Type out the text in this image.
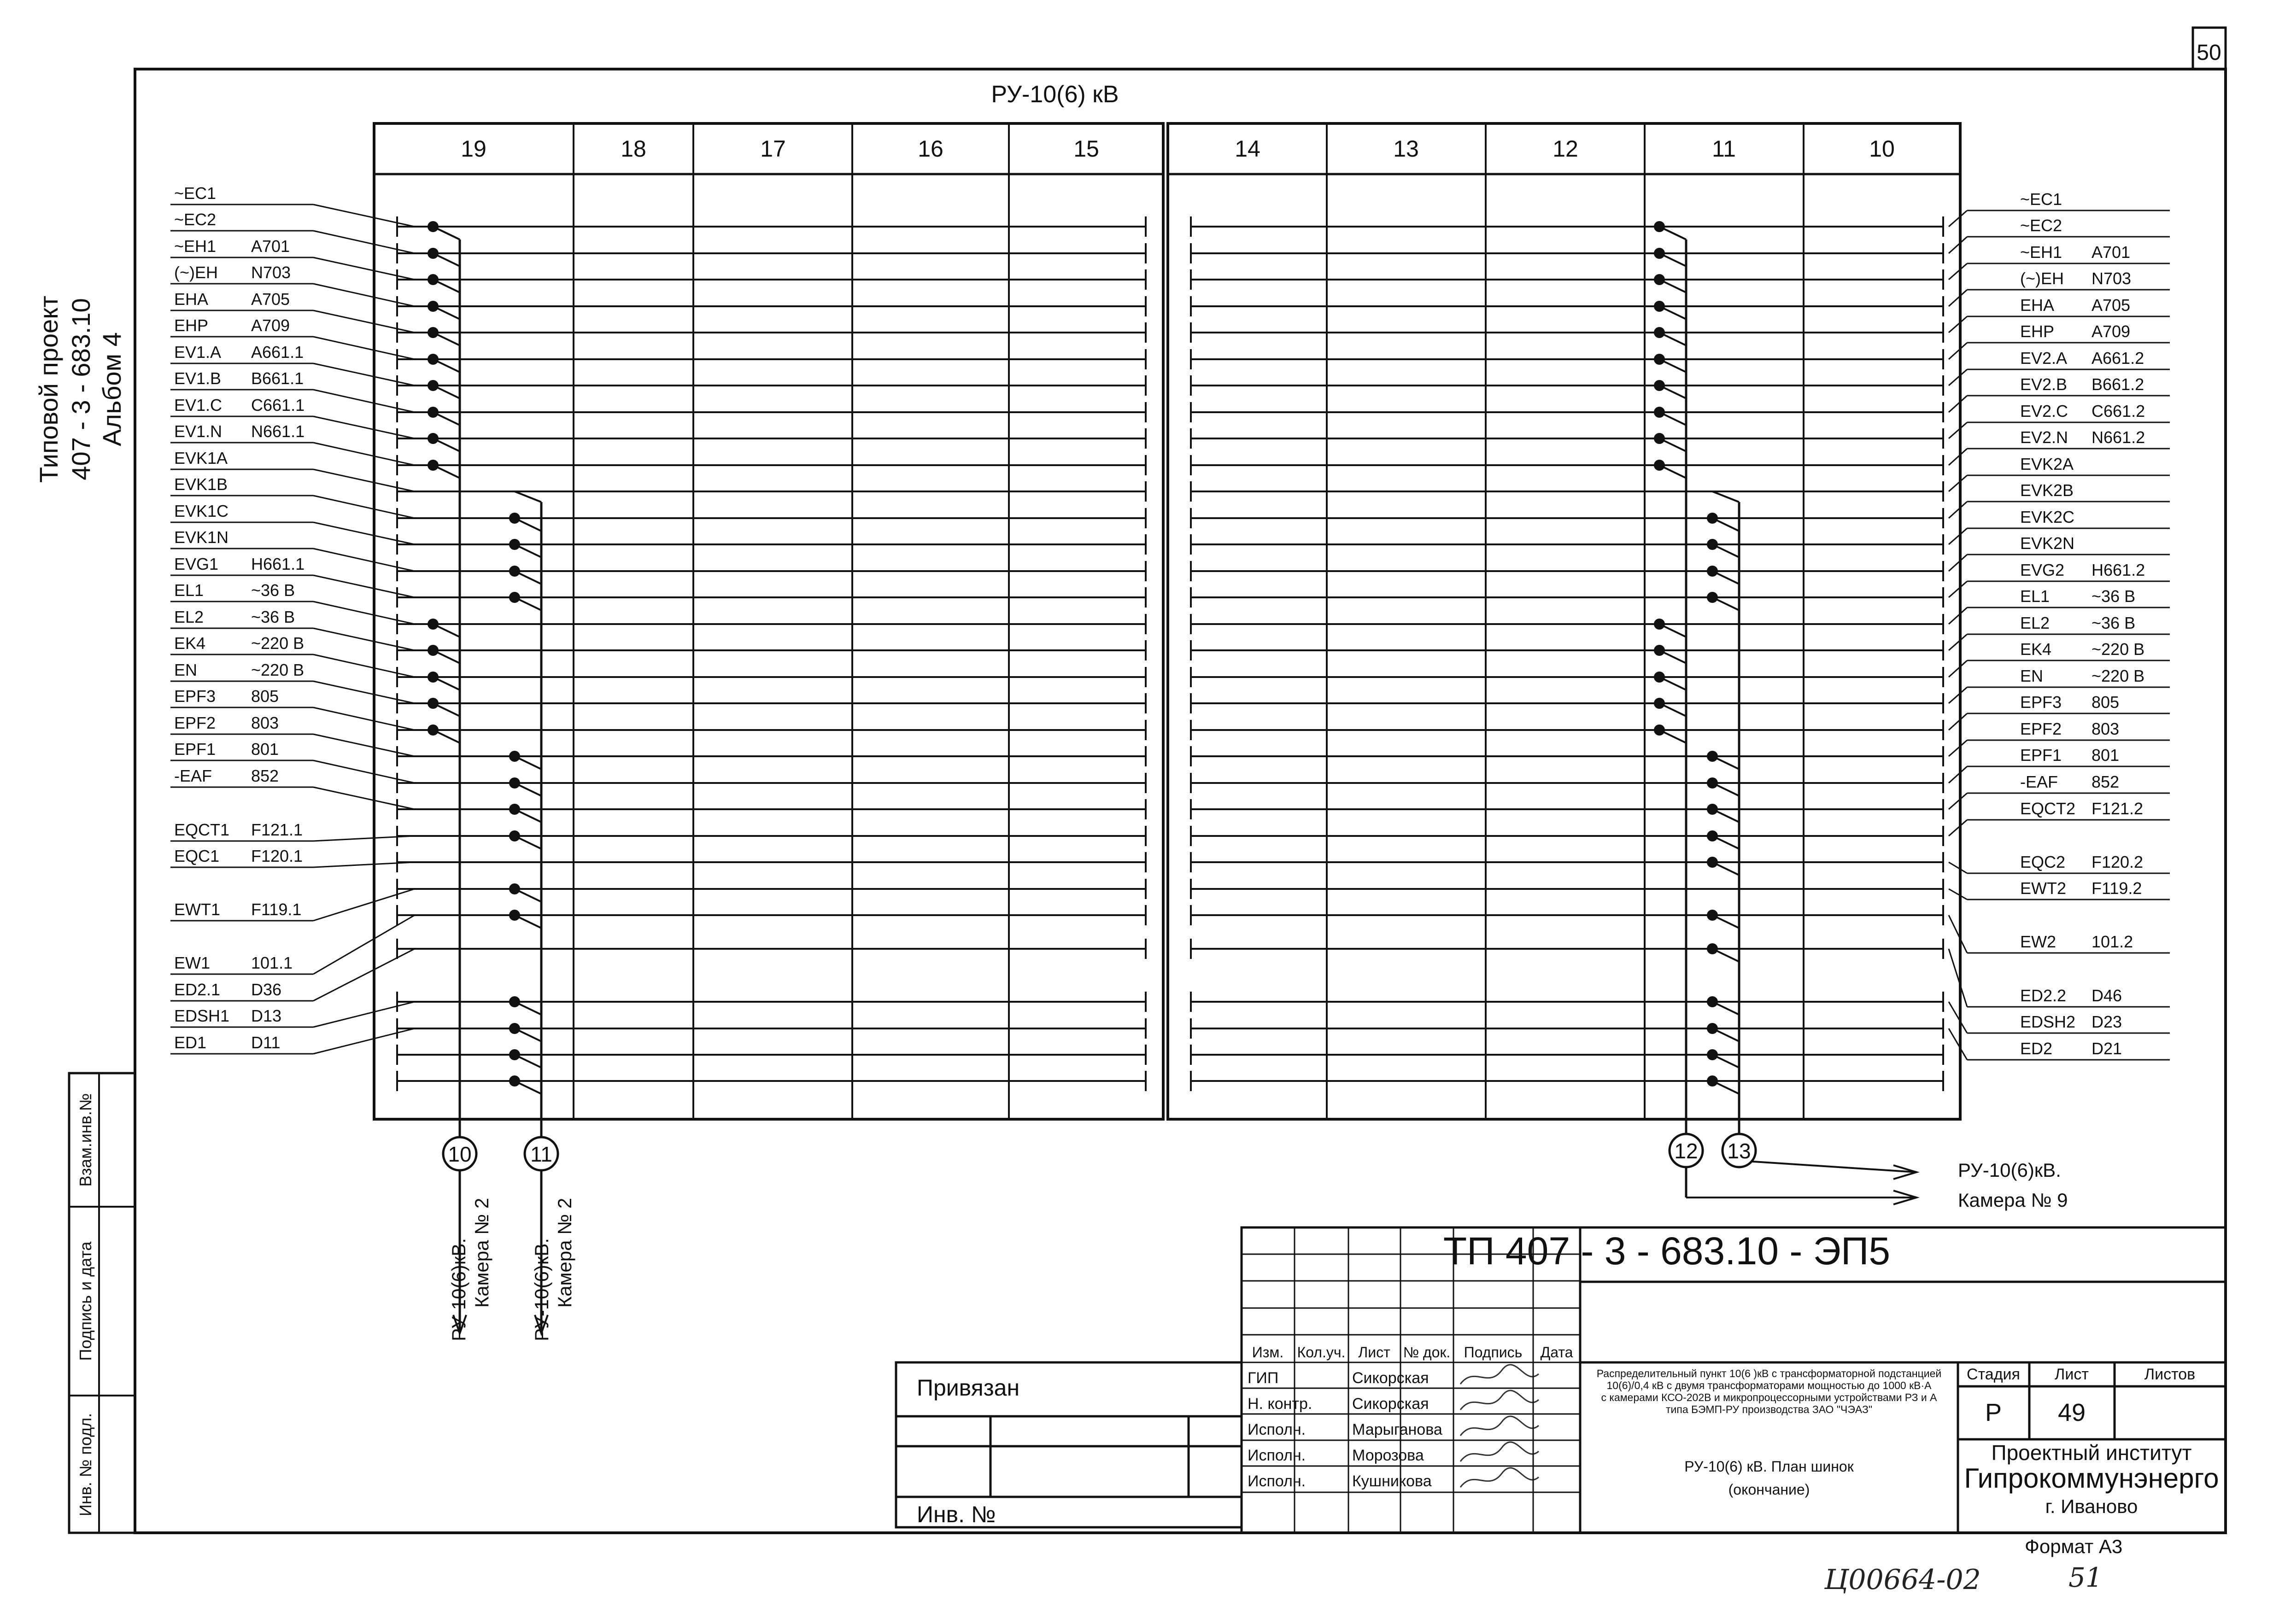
19	18	17	16	15	14	13	12	11	10
РУ-10(6) кВ
10	11	12 13
~EC1
~EC2
~EH1 A701
(~)EH N703
EHA	A705
EHP	A709
EV1.A A661.1
EV1.B B661.1
EV1.C C661.1
EV1.N N661.1
EVK1A
EVK1B
EVK1C
EVK1N
EVG1 H661.1
EL1	~36 B
EL2	~36 B
EK4	~220 B
EN	~220 B
EPF3 805
EPF2 803
EPF1 801
-EAF 852
EQCT1 F121.1
EQC1 F120.1
EWT1 F119.1
EW1 101.1
ED2.1 D36
EDSH1 D13
ED1	D11
~EC1
~EC2
~EH1 A701
(~)EH N703
EHA A705
EHP A709
EV2.A A661.2
EV2.B B661.2
EV2.C C661.2
EV2.N N661.2
EVK2A
EVK2B
EVK2C
EVK2N
EVG2 H661.2
EL1	~36 B
EL2	~36 B
EK4 ~220 B
EN	~220 B
EPF3 805
EPF2 803
EPF1 801
-EAF 852
EQCT2 F121.2
EQC2 F120.2
EWT2 F119.2
EW2 101.2
ED2.2 D46
EDSH2 D23
ED2 D21
РУ-10(6)кВ. Камера № 2 РУ-10(6)кВ. Камера № 2
РУ-10(6)кВ.
Камера № 9
50
Типовой проект 407 - 3 - 683.10 Альбом 4
Взам.инв.№
Подпись и дата
Инв. № подл.
Формат А3
Ц00664-02	51
Изм. Кол.уч. Лист № док. Подпись Дата
ГИП	Сикорская
Н. контр.	Сикорская
Исполн.	Марыганова
Исполн.	Морозова
Исполн.	Кушникова
ТП 407 - 3 - 683.10 - ЭП5
Распределительный пункт 10(6 )кВ с трансформаторной подстанцией
10(6)/0,4 кВ с двумя трансформаторами мощностью до 1000 кВ·А
с камерами КСО-202В и микропроцессорными устройствами РЗ и А
типа БЭМП-РУ производства ЗАО "ЧЭАЗ"
РУ-10(6) кВ. План шинок
(окончание)
Стадия Лист	Листов
Р 49
Проектный институт
Гипрокоммунэнерго
г. Иваново
Привязан
Инв. №
